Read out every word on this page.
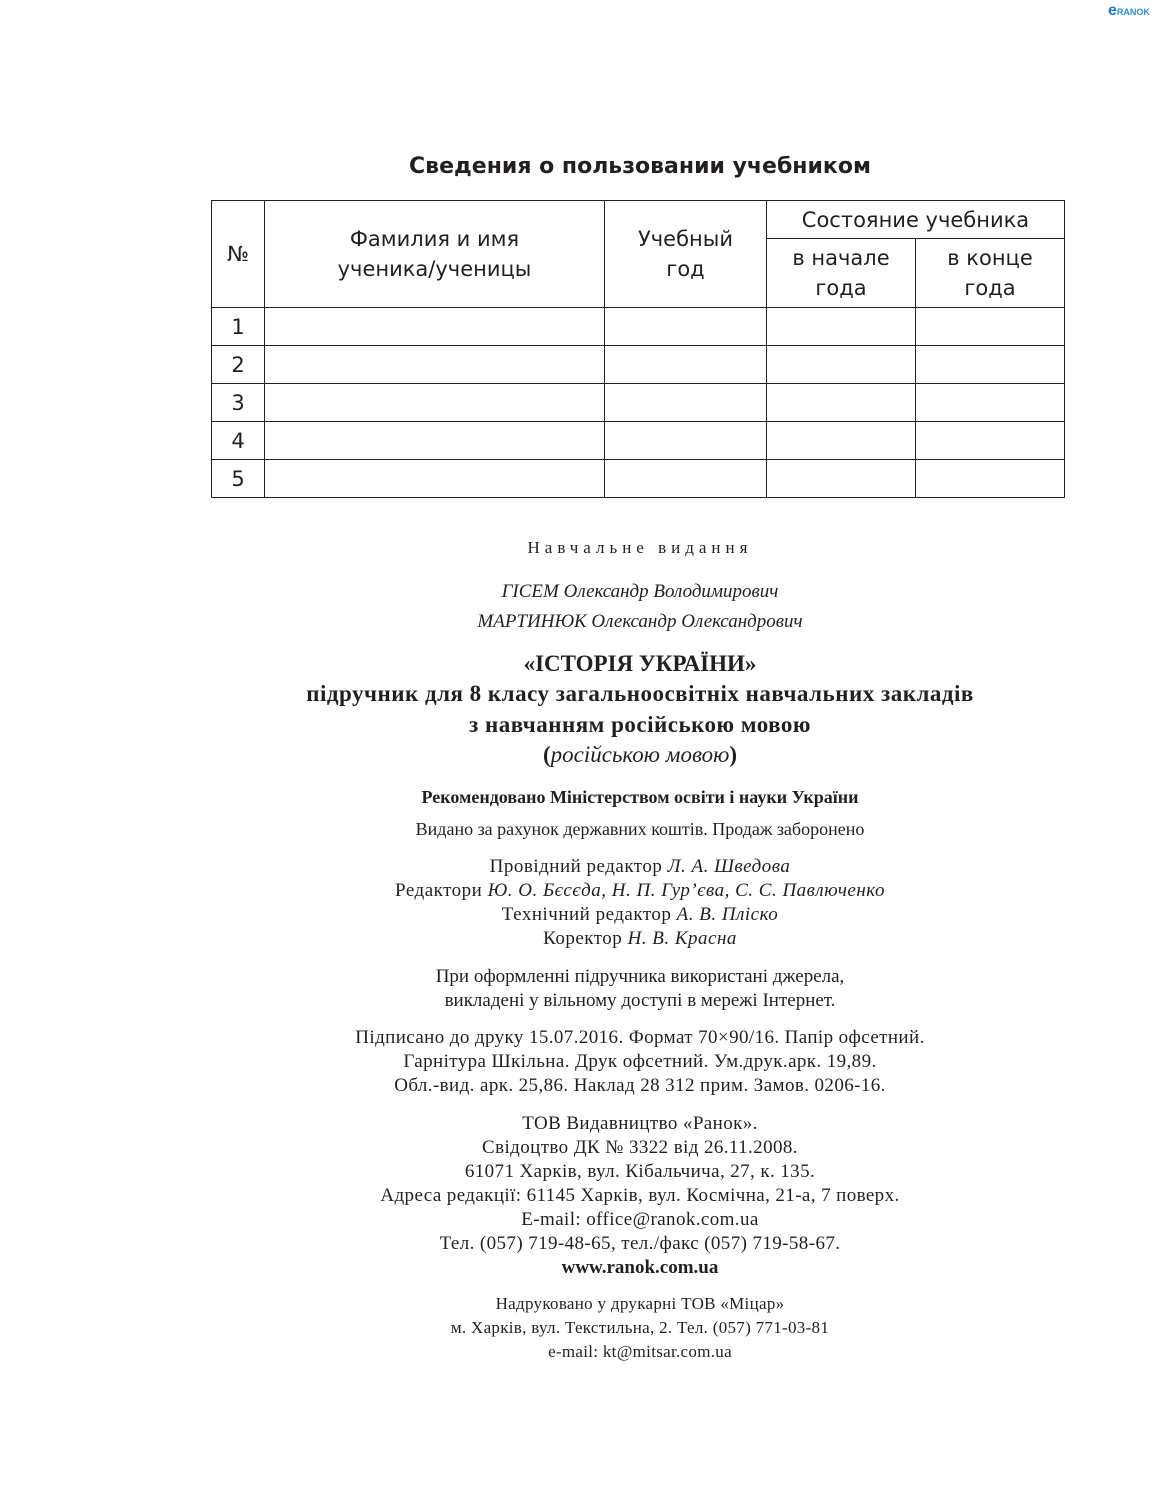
eRANOK
Сведения о пользовании учебником
№	Фамилия и имя ученика/ученицы	Учебный год	Состояние учебника	
			в начале года	в конце года
1				
2				
3				
4				
5				
Навчальне видання
ГІСЕМ Олександр Володимирович
МАРТИНЮК Олександр Олександрович
«ІСТОРІЯ УКРАЇНИ»
підручник для 8 класу загальноосвітніх навчальних закладів
з навчанням російською мовою
(російською мовою)
Рекомендовано Міністерством освіти і науки України
Видано за рахунок державних коштів. Продаж заборонено
Провідний редактор Л. А. Шведова
Редактори Ю. О. Бєсєда, Н. П. Гур’єва, С. С. Павлюченко
Технічний редактор А. В. Пліско
Коректор Н. В. Красна
При оформленні підручника використані джерела,
викладені у вільному доступі в мережі Інтернет.
Підписано до друку 15.07.2016. Формат 70×90/16. Папір офсетний.
Гарнітура Шкільна. Друк офсетний. Ум.друк.арк. 19,89.
Обл.-вид. арк. 25,86. Наклад 28 312 прим. Замов. 0206-16.
ТОВ Видавництво «Ранок».
Свідоцтво ДК № 3322 від 26.11.2008.
61071 Харків, вул. Кібальчича, 27, к. 135.
Адреса редакції: 61145 Харків, вул. Космічна, 21-а, 7 поверх.
E-mail: office@ranok.com.ua
Тел. (057) 719-48-65, тел./факс (057) 719-58-67.
www.ranok.com.ua
Надруковано у друкарні ТОВ «Міцар»
м. Харків, вул. Текстильна, 2. Тел. (057) 771-03-81
e-mail: kt@mitsar.com.ua
